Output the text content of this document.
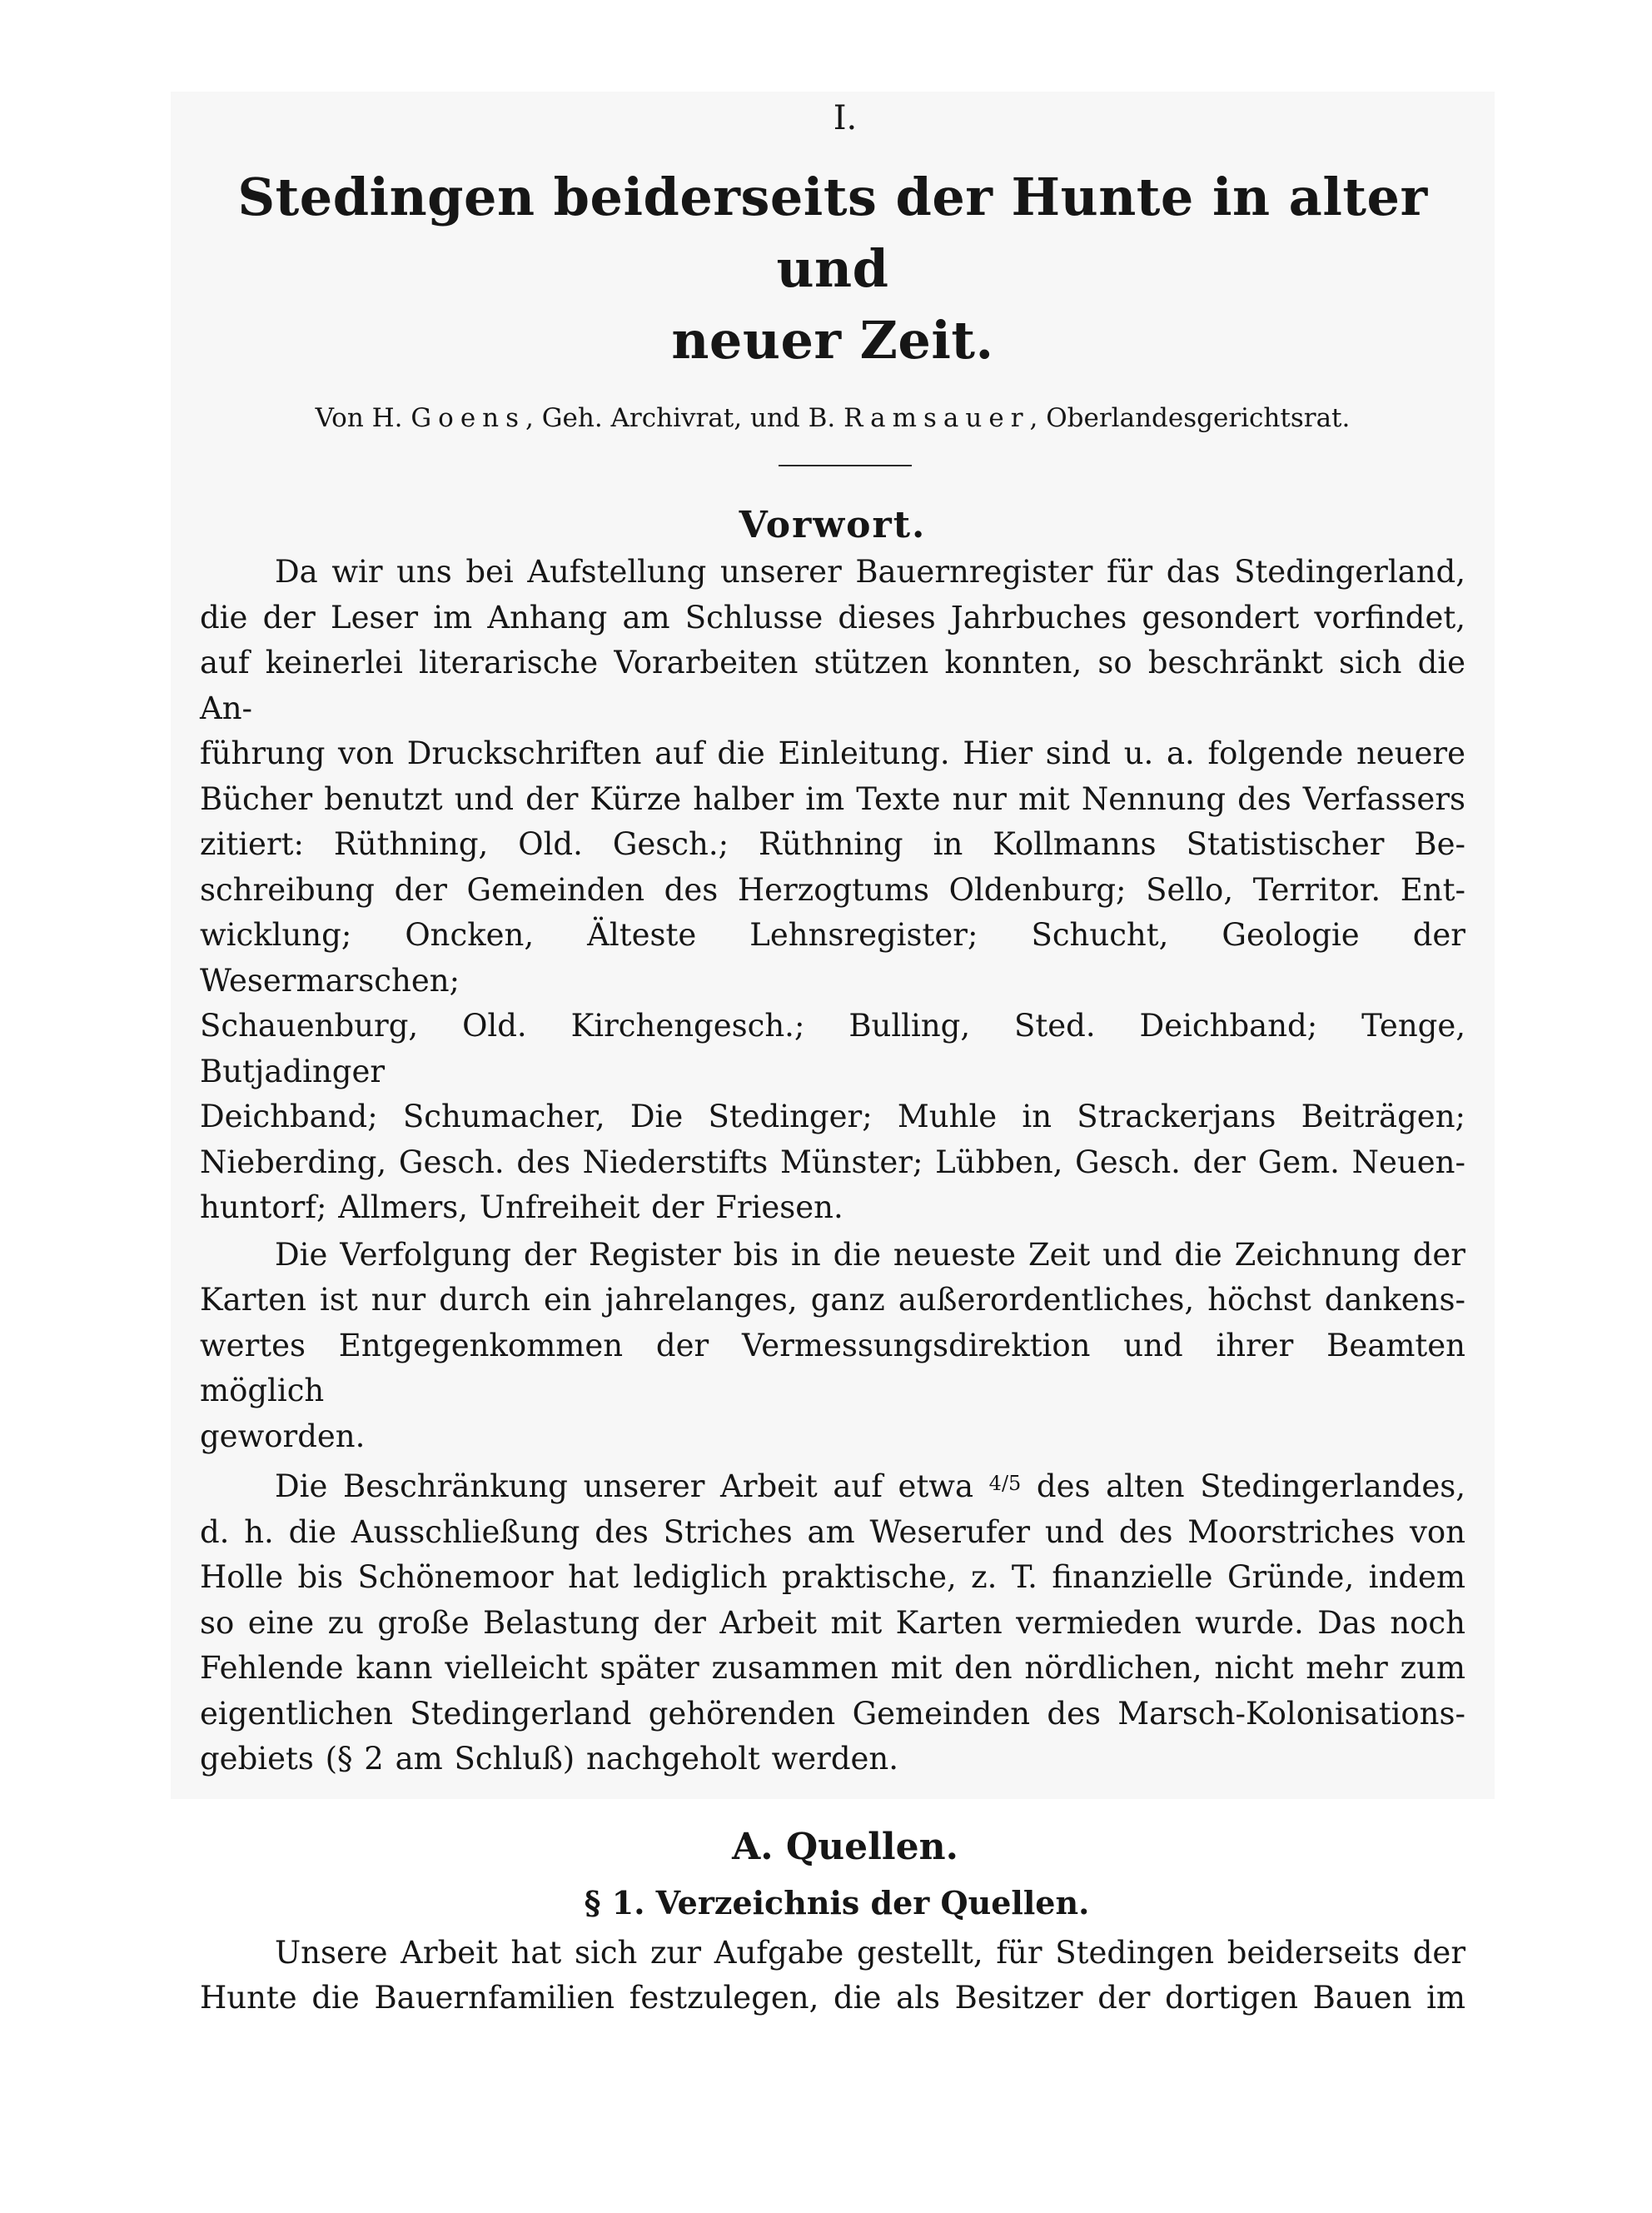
I.
Stedingen beiderseits der Hunte in alter und
neuer Zeit.
Von H. Goens, Geh. Archivrat, und B. Ramsauer, Oberlandesgerichtsrat.
Vorwort.
Da wir uns bei Aufstellung unserer Bauernregister für das Stedingerland,
die der Leser im Anhang am Schlusse dieses Jahrbuches gesondert vorfindet,
auf keinerlei literarische Vorarbeiten stützen konnten, so beschränkt sich die An-
führung von Druckschriften auf die Einleitung. Hier sind u. a. folgende neuere
Bücher benutzt und der Kürze halber im Texte nur mit Nennung des Verfassers
zitiert: Rüthning, Old. Gesch.; Rüthning in Kollmanns Statistischer Be-
schreibung der Gemeinden des Herzogtums Oldenburg; Sello, Territor. Ent-
wicklung; Oncken, Älteste Lehnsregister; Schucht, Geologie der Wesermarschen;
Schauenburg, Old. Kirchengesch.; Bulling, Sted. Deichband; Tenge, Butjadinger
Deichband; Schumacher, Die Stedinger; Muhle in Strackerjans Beiträgen;
Nieberding, Gesch. des Niederstifts Münster; Lübben, Gesch. der Gem. Neuen-
huntorf; Allmers, Unfreiheit der Friesen.
Die Verfolgung der Register bis in die neueste Zeit und die Zeichnung der
Karten ist nur durch ein jahrelanges, ganz außerordentliches, höchst dankens-
wertes Entgegenkommen der Vermessungsdirektion und ihrer Beamten möglich
geworden.
Die Beschränkung unserer Arbeit auf etwa $^{4/5}$ des alten Stedingerlandes,
d. h. die Ausschließung des Striches am Weserufer und des Moorstriches von
Holle bis Schönemoor hat lediglich praktische, z. T. finanzielle Gründe, indem
so eine zu große Belastung der Arbeit mit Karten vermieden wurde. Das noch
Fehlende kann vielleicht später zusammen mit den nördlichen, nicht mehr zum
eigentlichen Stedingerland gehörenden Gemeinden des Marsch-Kolonisations-
gebiets (§ 2 am Schluß) nachgeholt werden.
A. Quellen.
§ 1. Verzeichnis der Quellen.
Unsere Arbeit hat sich zur Aufgabe gestellt, für Stedingen beiderseits der
Hunte die Bauernfamilien festzulegen, die als Besitzer der dortigen Bauen im
